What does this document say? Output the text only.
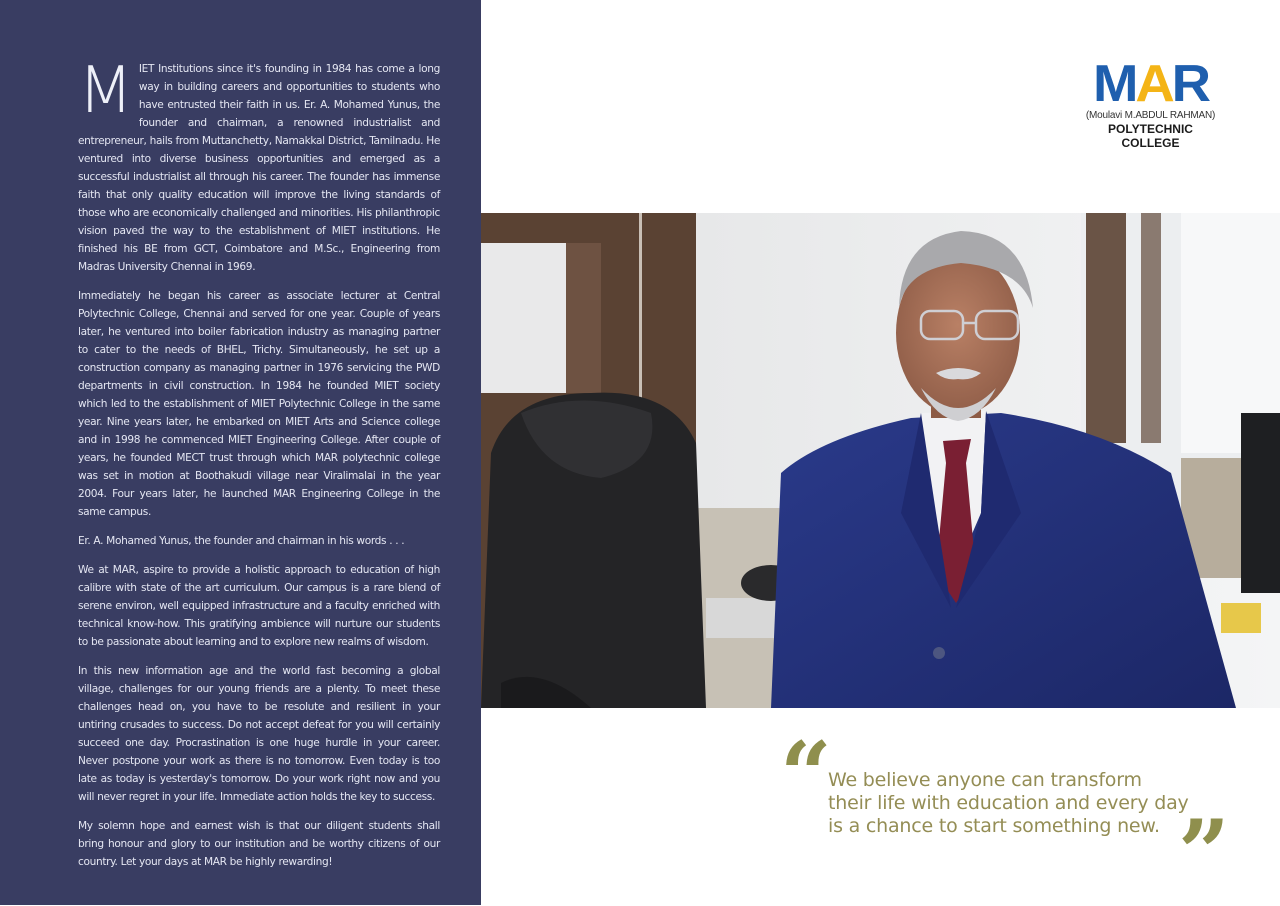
MIET Institutions since it's founding in 1984 has come a long way in building careers and opportunities to students who have entrusted their faith in us. Er. A. Mohamed Yunus, the founder and chairman, a renowned industrialist and entrepreneur, hails from Muttanchetty, Namakkal District, Tamilnadu. He ventured into diverse business opportunities and emerged as a successful industrialist all through his career. The founder has immense faith that only quality education will improve the living standards of those who are economically challenged and minorities. His philanthropic vision paved the way to the establishment of MIET institutions. He finished his BE from GCT, Coimbatore and M.Sc., Engineering from Madras University Chennai in 1969.

Immediately he began his career as associate lecturer at Central Polytechnic College, Chennai and served for one year. Couple of years later, he ventured into boiler fabrication industry as managing partner to cater to the needs of BHEL, Trichy. Simultaneously, he set up a construction company as managing partner in 1976 servicing the PWD departments in civil construction. In 1984 he founded MIET society which led to the establishment of MIET Polytechnic College in the same year. Nine years later, he embarked on MIET Arts and Science college and in 1998 he commenced MIET Engineering College. After couple of years, he founded MECT trust through which MAR polytechnic college was set in motion at Boothakudi village near Viralimalai in the year 2004. Four years later, he launched MAR Engineering College in the same campus.

Er. A. Mohamed Yunus, the founder and chairman in his words . . .

We at MAR, aspire to provide a holistic approach to education of high calibre with state of the art curriculum. Our campus is a rare blend of serene environ, well equipped infrastructure and a faculty enriched with technical know-how. This gratifying ambience will nurture our students to be passionate about learning and to explore new realms of wisdom.

In this new information age and the world fast becoming a global village, challenges for our young friends are a plenty. To meet these challenges head on, you have to be resolute and resilient in your untiring crusades to success. Do not accept defeat for you will certainly succeed one day. Procrastination is one huge hurdle in your career. Never postpone your work as there is no tomorrow. Even today is too late as today is yesterday's tomorrow. Do your work right now and you will never regret in your life. Immediate action holds the key to success.

My solemn hope and earnest wish is that our diligent students shall bring honour and glory to our institution and be worthy citizens of our country. Let your days at MAR be highly rewarding!

MAR
(Moulavi M.ABDUL RAHMAN)
POLYTECHNIC COLLEGE
“
We believe anyone can transform
their life with education and every day
is a chance to start something new. ”
